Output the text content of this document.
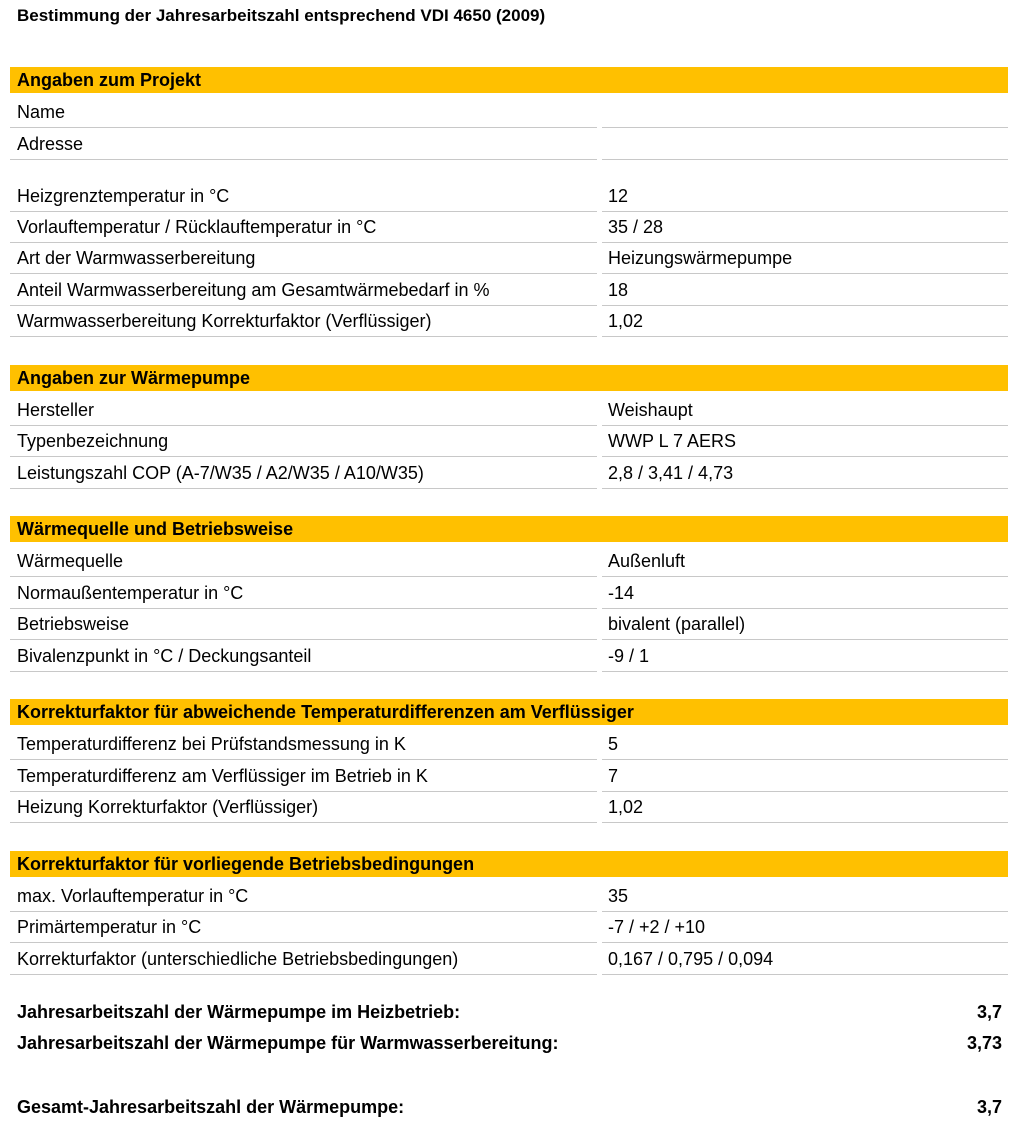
Bestimmung der Jahresarbeitszahl entsprechend VDI 4650 (2009)
Angaben zum Projekt
Name
Adresse
Heizgrenztemperatur in °C	12
Vorlauftemperatur / Rücklauftemperatur in °C	35 / 28
Art der Warmwasserbereitung	Heizungswärmepumpe
Anteil Warmwasserbereitung am Gesamtwärmebedarf in %	18
Warmwasserbereitung Korrekturfaktor (Verflüssiger)	1,02
Angaben zur Wärmepumpe
Hersteller	Weishaupt
Typenbezeichnung	WWP L 7 AERS
Leistungszahl COP (A-7/W35 / A2/W35 / A10/W35)	2,8 / 3,41 / 4,73
Wärmequelle und Betriebsweise
Wärmequelle	Außenluft
Normaußentemperatur in °C	-14
Betriebsweise	bivalent (parallel)
Bivalenzpunkt in °C / Deckungsanteil	-9 / 1
Korrekturfaktor für abweichende Temperaturdifferenzen am Verflüssiger
Temperaturdifferenz bei Prüfstandsmessung in K	5
Temperaturdifferenz am Verflüssiger im Betrieb in K	7
Heizung Korrekturfaktor (Verflüssiger)	1,02
Korrekturfaktor für vorliegende Betriebsbedingungen
max. Vorlauftemperatur in °C	35
Primärtemperatur in °C	-7 / +2 / +10
Korrekturfaktor (unterschiedliche Betriebsbedingungen)	0,167 / 0,795 / 0,094
Jahresarbeitszahl der Wärmepumpe im Heizbetrieb:	3,7
Jahresarbeitszahl der Wärmepumpe für Warmwasserbereitung:	3,73
Gesamt-Jahresarbeitszahl der Wärmepumpe:	3,7
